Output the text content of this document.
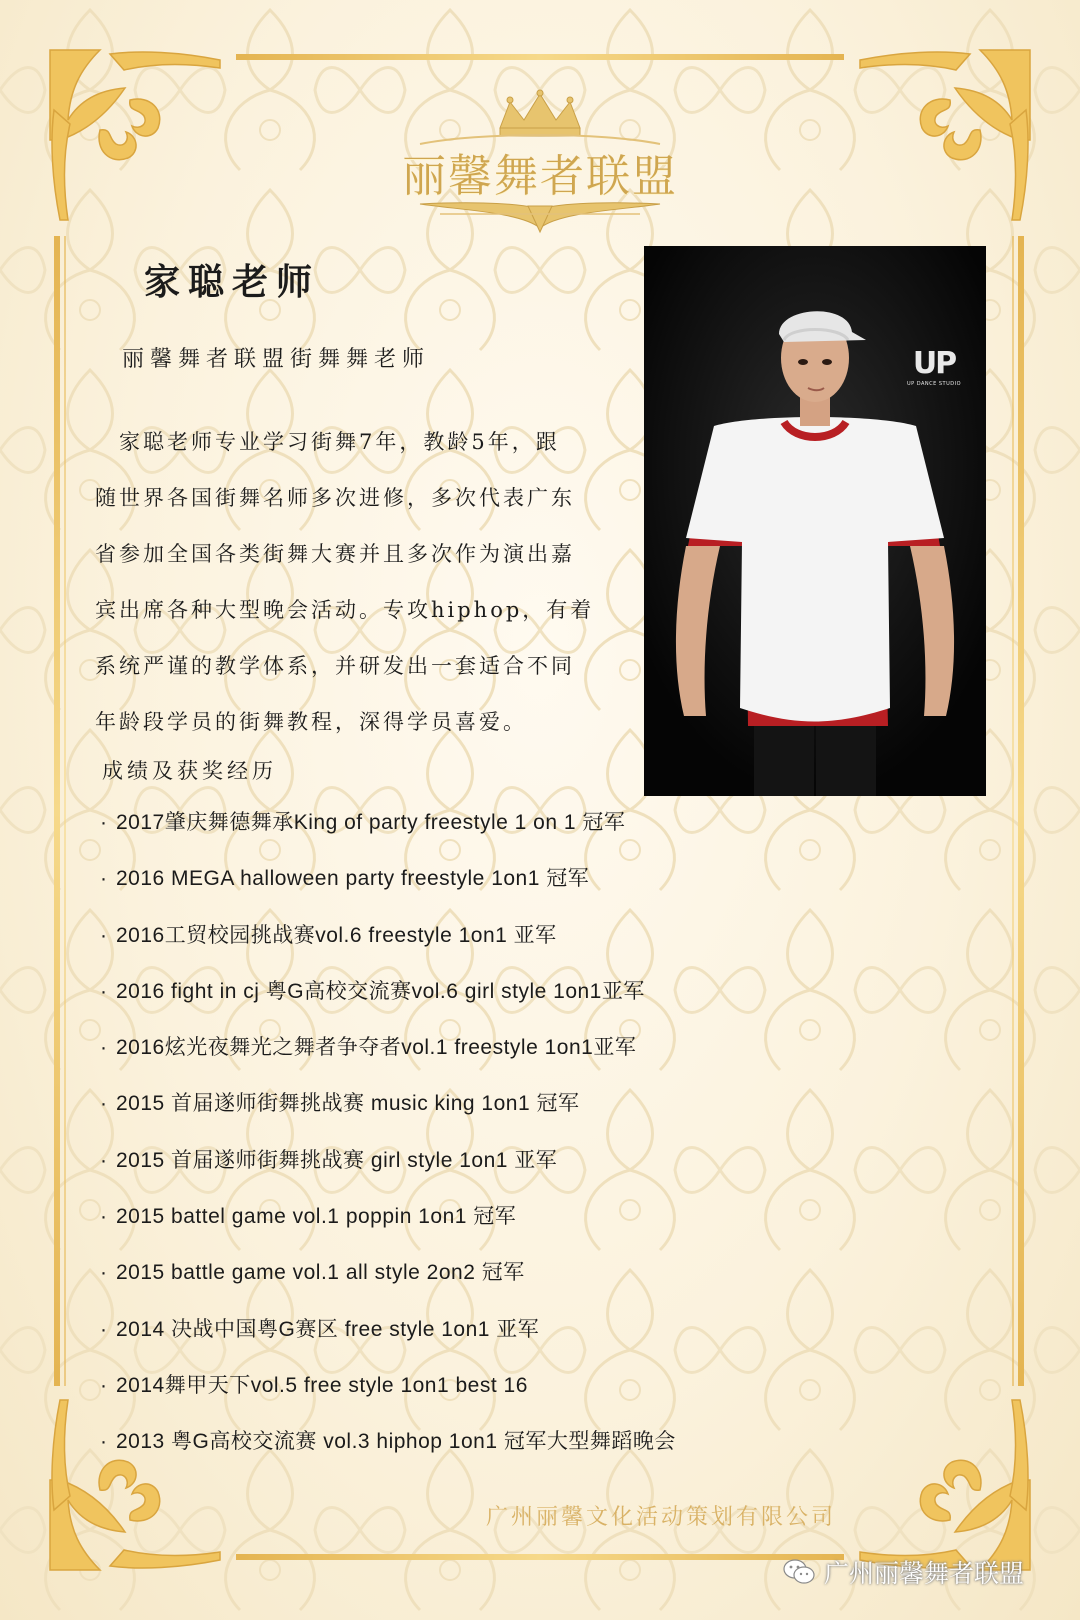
丽馨舞者联盟
家聪老师
丽馨舞者联盟街舞舞老师

　家聪老师专业学习街舞7年，教龄5年，跟
随世界各国街舞名师多次进修，多次代表广东
省参加全国各类街舞大赛并且多次作为演出嘉
宾出席各种大型晚会活动。专攻hiphop，有着
系统严谨的教学体系，并研发出一套适合不同
年龄段学员的街舞教程，深得学员喜爱。

UP
UP DANCE STUDIO
成绩及获奖经历
· 2017肇庆舞德舞承King of party freestyle 1 on 1 冠军
· 2016 MEGA halloween party freestyle 1on1 冠军
· 2016工贸校园挑战赛vol.6 freestyle 1on1 亚军
· 2016 fight in cj 粤G高校交流赛vol.6 girl style 1on1亚军
· 2016炫光夜舞光之舞者争夺者vol.1 freestyle 1on1亚军
· 2015 首届遂师街舞挑战赛 music king 1on1 冠军
· 2015 首届遂师街舞挑战赛 girl style 1on1 亚军
· 2015 battel game vol.1 poppin 1on1 冠军
· 2015 battle game vol.1 all style 2on2 冠军
· 2014 决战中国粤G赛区 free style 1on1 亚军
· 2014舞甲天下vol.5 free style 1on1 best 16
· 2013 粤G高校交流赛 vol.3 hiphop 1on1 冠军大型舞蹈晚会
广州丽馨文化活动策划有限公司
广州丽馨舞者联盟
